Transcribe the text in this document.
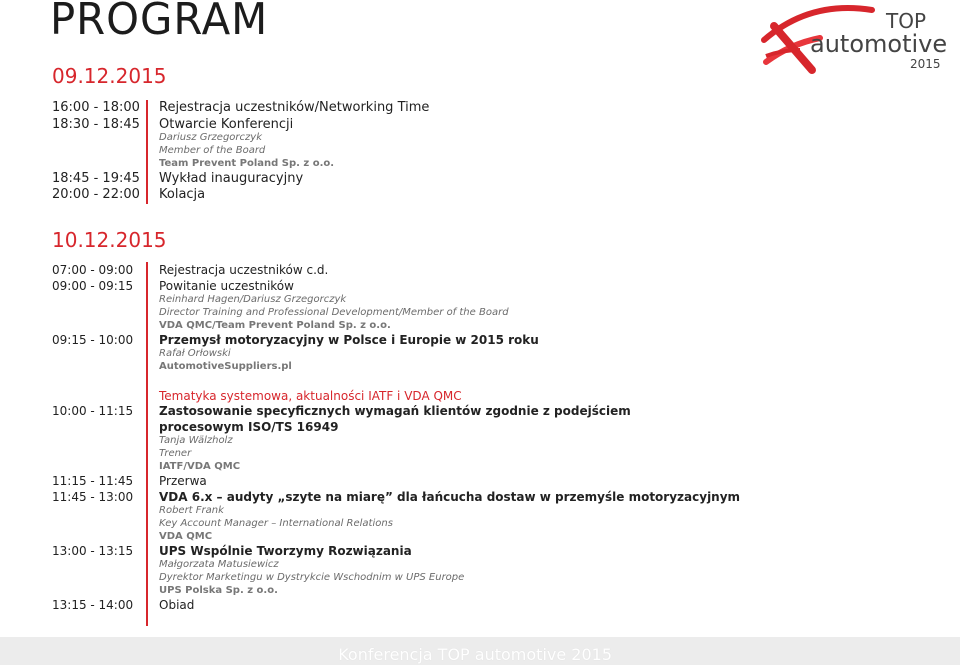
PROGRAM	TOP
automotive
2015
09.12.2015
16:00 - 18:00 Rejestracja uczestników/Networking Time
18:30 - 18:45 Otwarcie Konferencji
Dariusz Grzegorczyk
Member of the Board
Team Prevent Poland Sp. z o.o.
18:45 - 19:45 Wykład inauguracyjny
20:00 - 22:00 Kolacja
10.12.2015
07:00 - 09:00 Rejestracja uczestników c.d.
09:00 - 09:15 Powitanie uczestników
Reinhard Hagen/Dariusz Grzegorczyk
Director Training and Professional Development/Member of the Board
VDA QMC/Team Prevent Poland Sp. z o.o.
09:15 - 10:00 Przemysł motoryzacyjny w Polsce i Europie w 2015 roku
Rafał Orłowski
AutomotiveSuppliers.pl
Tematyka systemowa, aktualności IATF i VDA QMC
10:00 - 11:15 Zastosowanie specyficznych wymagań klientów zgodnie z podejściem
procesowym ISO/TS 16949
Tanja Wälzholz
Trener
IATF/VDA QMC
11:15 - 11:45 Przerwa
11:45 - 13:00 VDA 6.x – audyty „szyte na miarę” dla łańcucha dostaw w przemyśle motoryzacyjnym
Robert Frank
Key Account Manager – International Relations
VDA QMC
13:00 - 13:15 UPS Wspólnie Tworzymy Rozwiązania
Małgorzata Matusiewicz
Dyrektor Marketingu w Dystrykcie Wschodnim w UPS Europe
UPS Polska Sp. z o.o.
13:15 - 14:00 Obiad
Konferencja TOP automotive 2015
